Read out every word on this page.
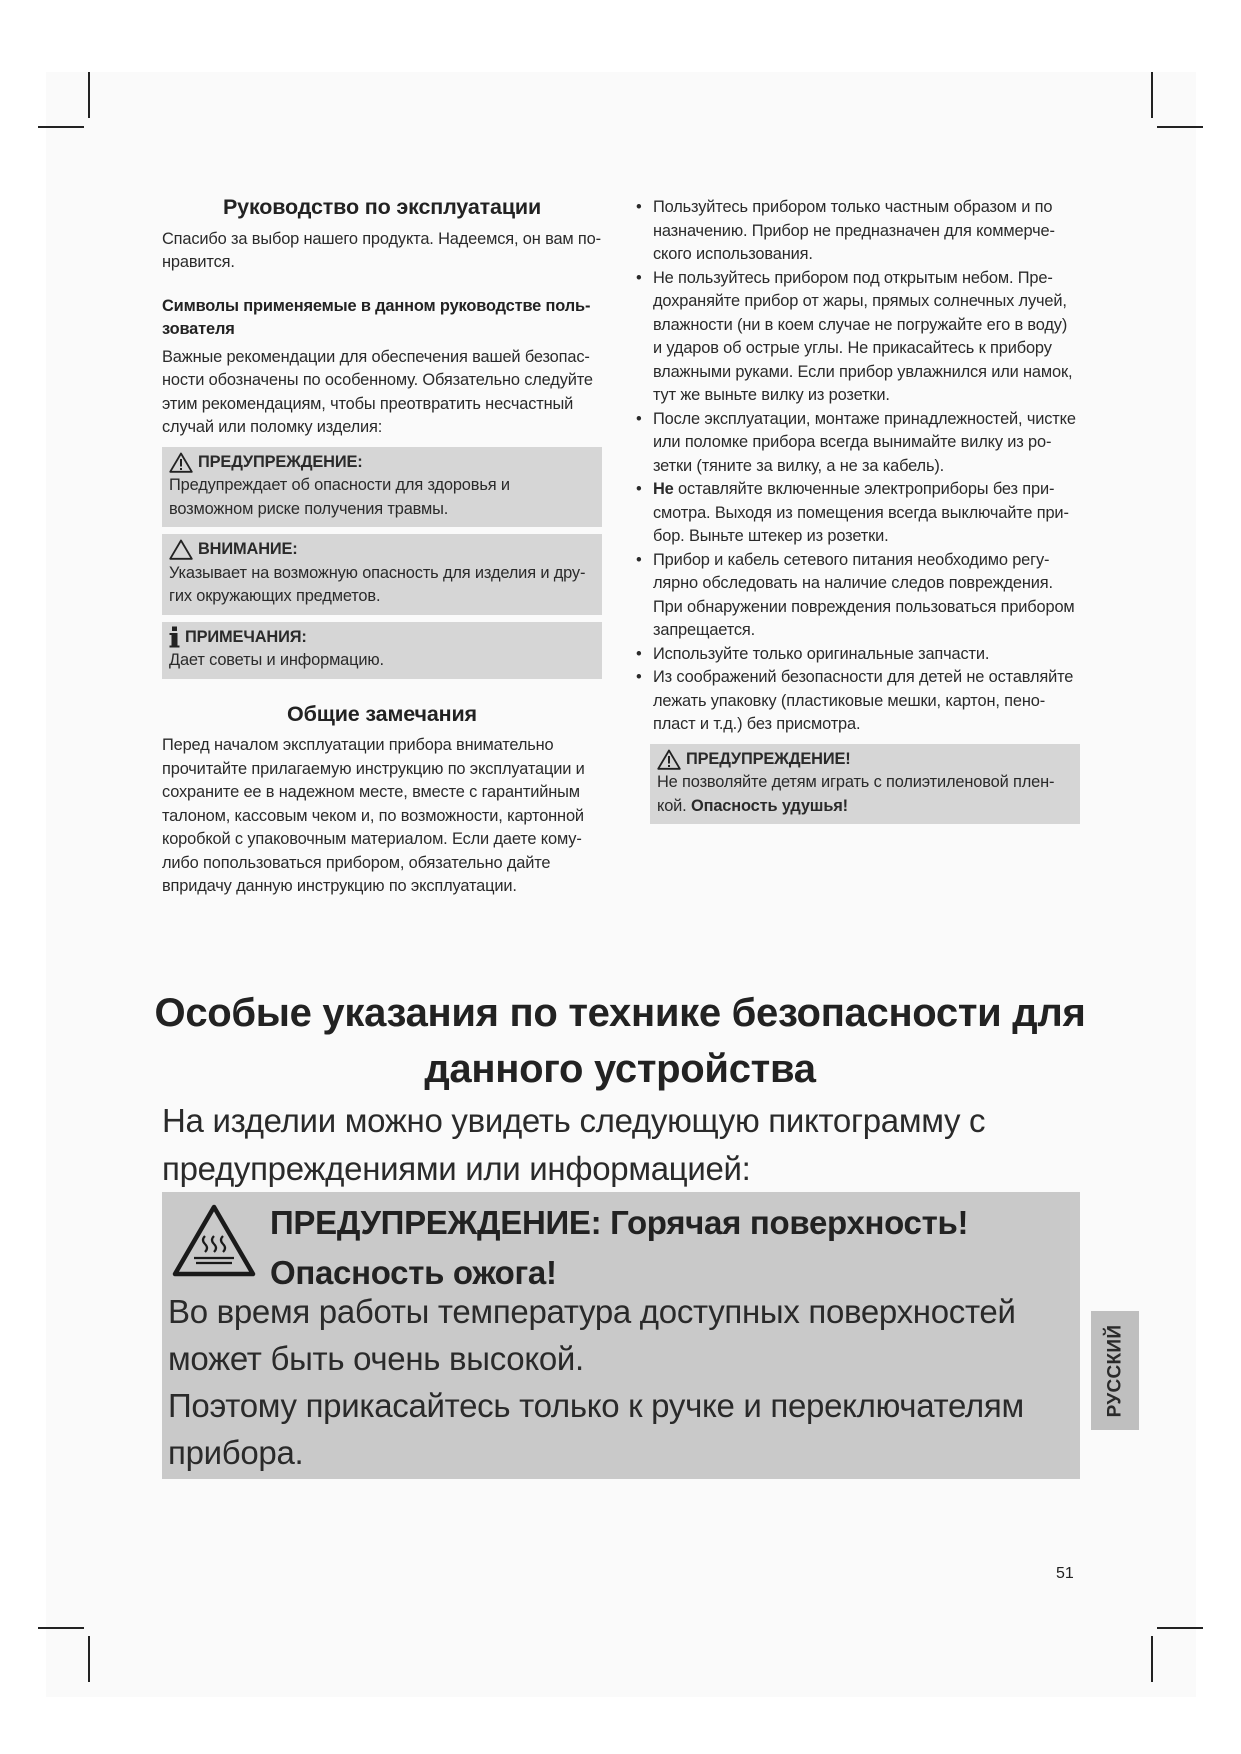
Руководство по эксплуатации

Спасибо за выбор нашего продукта. Надеемся, он вам понравится.

Символы применяемые в данном руководстве пользователя

Важные рекомендации для обеспечения вашей безопасности обозначены по особенному. Обязательно следуйте этим рекомендациям, чтобы преотвратить несчастный случай или поломку изделия:

ПРЕДУПРЕЖДЕНИЕ:

Предупреждает об опасности для здоровья и возможном риске получения травмы.

ВНИМАНИЕ:

Указывает на возможную опасность для изделия и других окружающих предметов.

ПРИМЕЧАНИЯ:

Дает советы и информацию.

Общие замечания

Перед началом эксплуатации прибора внимательно прочитайте прилагаемую инструкцию по эксплуатации и сохраните ее в надежном месте, вместе с гарантийным талоном, кассовым чеком и, по возможности, картонной коробкой с упаковочным материалом. Если даете кому-либо попользоваться прибором, обязательно дайте впридачу данную инструкцию по эксплуатации.

• Пользуйтесь прибором только частным образом и по назначению. Прибор не предназначен для коммерческого использования.
• Не пользуйтесь прибором под открытым небом. Предохраняйте прибор от жары, прямых солнечных лучей, влажности (ни в коем случае не погружайте его в воду) и ударов об острые углы. Не прикасайтесь к прибору влажными руками. Если прибор увлажнился или намок, тут же выньте вилку из розетки.
• После эксплуатации, монтаже принадлежностей, чистке или поломке прибора всегда вынимайте вилку из розетки (тяните за вилку, а не за кабель).
• Не оставляйте включенные электроприборы без присмотра. Выходя из помещения всегда выключайте прибор. Выньте штекер из розетки.
• Прибор и кабель сетевого питания необходимо регулярно обследовать на наличие следов повреждения. При обнаружении повреждения пользоваться прибором запрещается.
• Используйте только оригинальные запчасти.
• Из соображений безопасности для детей не оставляйте лежать упаковку (пластиковые мешки, картон, пенопласт и т.д.) без присмотра.
ПРЕДУПРЕЖДЕНИЕ!

Не позволяйте детям играть с полиэтиленовой пленкой. Опасность удушья!

Особые указания по технике безопасности для
данного устройства
На изделии можно увидеть следующую пиктограмму с предупреждениями или информацией:
ПРЕДУПРЕЖДЕНИЕ: Горячая поверхность!
Опасность ожога!

Во время работы температура доступных поверхностей может быть очень высокой.

Поэтому прикасайтесь только к ручке и переключателям прибора.

РУССКИЙ
51
